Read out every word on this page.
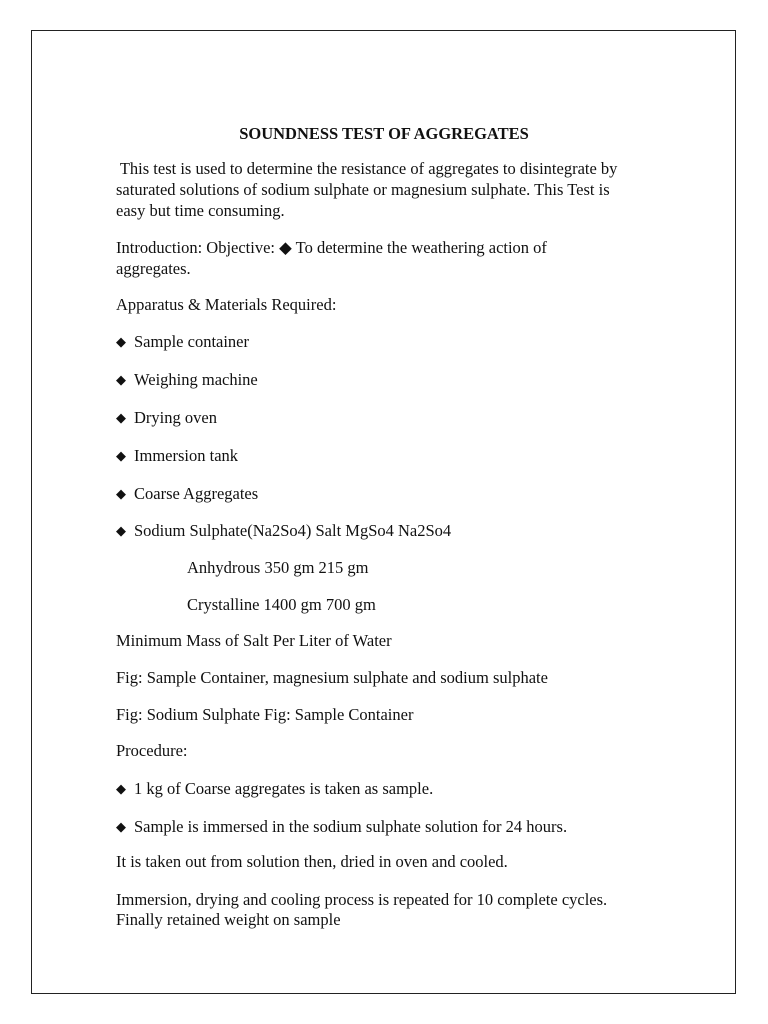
SOUNDNESS TEST OF AGGREGATES

This test is used to determine the resistance of aggregates to disintegrate by

saturated solutions of sodium sulphate or magnesium sulphate. This Test is

easy but time consuming.

Introduction: Objective: ◆ To determine the weathering action of

aggregates.

Apparatus & Materials Required:

◆ Sample container

◆ Weighing machine

◆ Drying oven

◆ Immersion tank

◆ Coarse Aggregates

◆ Sodium Sulphate(Na2So4) Salt MgSo4 Na2So4

Anhydrous 350 gm 215 gm

Crystalline 1400 gm 700 gm

Minimum Mass of Salt Per Liter of Water

Fig: Sample Container, magnesium sulphate and sodium sulphate

Fig: Sodium Sulphate Fig: Sample Container

Procedure:

◆ 1 kg of Coarse aggregates is taken as sample.

◆ Sample is immersed in the sodium sulphate solution for 24 hours.

It is taken out from solution then, dried in oven and cooled.

Immersion, drying and cooling process is repeated for 10 complete cycles.

Finally retained weight on sample
